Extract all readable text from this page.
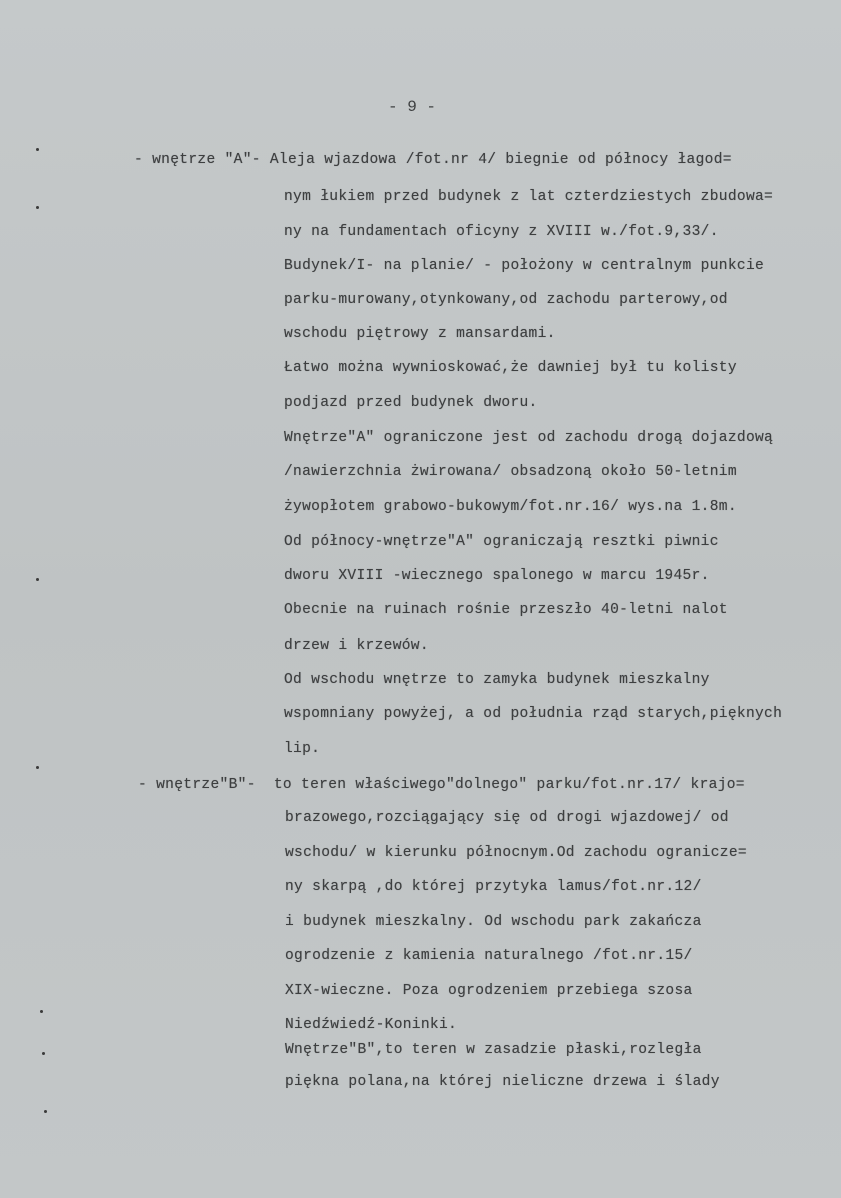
- 9 -
- wnętrze "A"- Aleja wjazdowa /fot.nr 4/ biegnie od północy łagod=
nym łukiem przed budynek z lat czterdziestych zbudowa=
ny na fundamentach oficyny z XVIII w./fot.9,33/.
Budynek/I- na planie/ - położony w centralnym punkcie
parku-murowany,otynkowany,od zachodu parterowy,od
wschodu piętrowy z mansardami.
Łatwo można wywnioskować,że dawniej był tu kolisty
podjazd przed budynek dworu.
Wnętrze"A" ograniczone jest od zachodu drogą dojazdową
/nawierzchnia żwirowana/ obsadzoną około 50-letnim
żywopłotem grabowo-bukowym/fot.nr.16/ wys.na 1.8m.
Od północy-wnętrze"A" ograniczają resztki piwnic
dworu XVIII -wiecznego spalonego w marcu 1945r.
Obecnie na ruinach rośnie przeszło 40-letni nalot
drzew i krzewów.
Od wschodu wnętrze to zamyka budynek mieszkalny
wspomniany powyżej, a od południa rząd starych,pięknych
lip.
- wnętrze"B"-  to teren właściwego"dolnego" parku/fot.nr.17/ krajo=
brazowego,rozciągający się od drogi wjazdowej/ od
wschodu/ w kierunku północnym.Od zachodu ogranicze=
ny skarpą ,do której przytyka lamus/fot.nr.12/
i budynek mieszkalny. Od wschodu park zakańcza
ogrodzenie z kamienia naturalnego /fot.nr.15/
XIX-wieczne. Poza ogrodzeniem przebiega szosa
Niedźwiedź-Koninki.
Wnętrze"B",to teren w zasadzie płaski,rozległa
piękna polana,na której nieliczne drzewa i ślady
